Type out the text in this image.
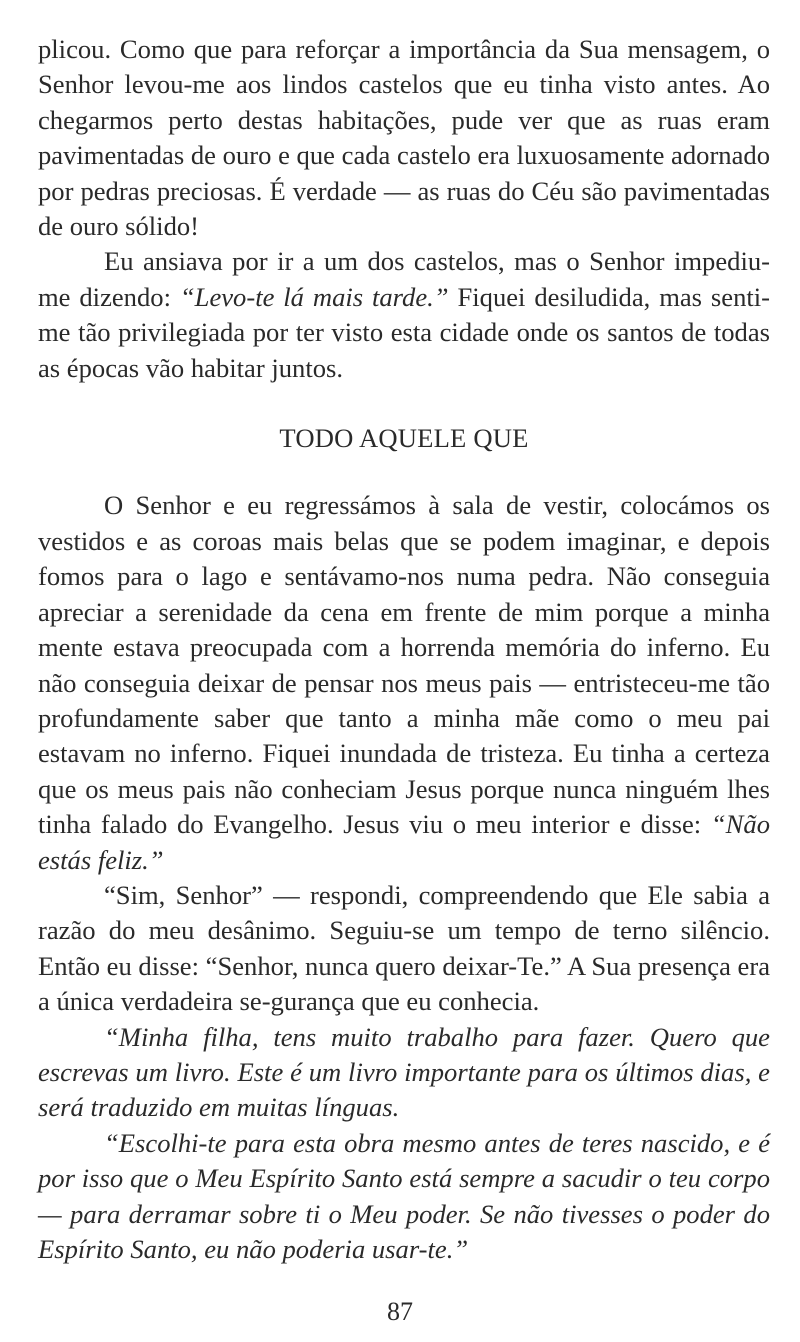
plicou. Como que para reforçar a importância da Sua mensagem, o Senhor levou-me aos lindos castelos que eu tinha visto antes. Ao chegarmos perto destas habitações, pude ver que as ruas eram pavimentadas de ouro e que cada castelo era luxuosamente adornado por pedras preciosas. É verdade — as ruas do Céu são pavimentadas de ouro sólido!

Eu ansiava por ir a um dos castelos, mas o Senhor impediu-me dizendo: “Levo-te lá mais tarde.” Fiquei desiludida, mas senti-me tão privilegiada por ter visto esta cidade onde os santos de todas as épocas vão habitar juntos.

TODO AQUELE QUE

O Senhor e eu regressámos à sala de vestir, colocámos os vestidos e as coroas mais belas que se podem imaginar, e depois fomos para o lago e sentávamo-nos numa pedra. Não conseguia apreciar a serenidade da cena em frente de mim porque a minha mente estava preocupada com a horrenda memória do inferno. Eu não conseguia deixar de pensar nos meus pais — entristeceu-me tão profundamente saber que tanto a minha mãe como o meu pai estavam no inferno. Fiquei inundada de tristeza. Eu tinha a certeza que os meus pais não conheciam Jesus porque nunca ninguém lhes tinha falado do Evangelho. Jesus viu o meu interior e disse: “Não estás feliz.”

“Sim, Senhor” — respondi, compreendendo que Ele sabia a razão do meu desânimo. Seguiu-se um tempo de terno silêncio. Então eu disse: “Senhor, nunca quero deixar-Te.” A Sua presença era a única verdadeira se-gurança que eu conhecia.

“Minha filha, tens muito trabalho para fazer. Quero que escrevas um livro. Este é um livro importante para os últimos dias, e será traduzido em muitas línguas.

“Escolhi-te para esta obra mesmo antes de teres nascido, e é por isso que o Meu Espírito Santo está sempre a sacudir o teu corpo — para derramar sobre ti o Meu poder. Se não tivesses o poder do Espírito Santo, eu não poderia usar-te.”

87
